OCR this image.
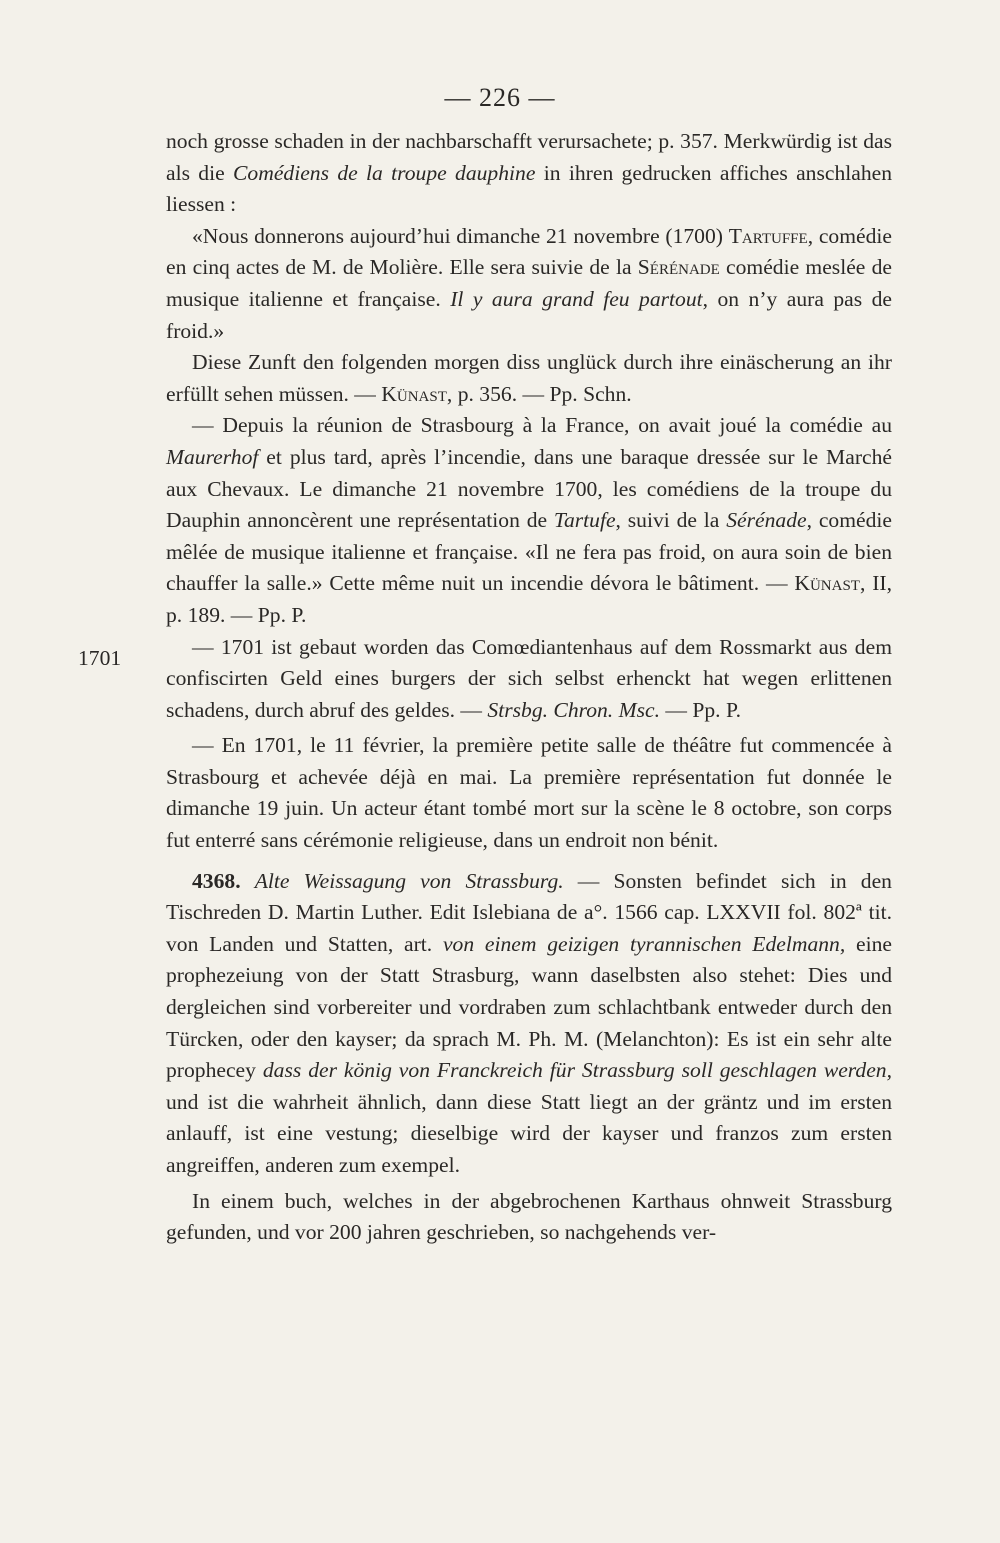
— 226 —
1701

noch grosse schaden in der nachbarschafft verursachete; p. 357. Merkwürdig ist das als die Comédiens de la troupe dauphine in ihren gedrucken affiches anschlahen liessen :

«Nous donnerons aujourd’hui dimanche 21 novembre (1700) Tartuffe, comédie en cinq actes de M. de Molière. Elle sera suivie de la Sérénade comédie meslée de musique italienne et française. Il y aura grand feu partout, on n’y aura pas de froid.»

Diese Zunft den folgenden morgen diss unglück durch ihre einäscherung an ihr erfüllt sehen müssen. — Künast, p. 356. — Pp. Schn.

— Depuis la réunion de Strasbourg à la France, on avait joué la comédie au Maurerhof et plus tard, après l’incendie, dans une baraque dressée sur le Marché aux Chevaux. Le dimanche 21 novembre 1700, les comédiens de la troupe du Dauphin annoncèrent une représentation de Tartufe, suivi de la Sérénade, comédie mêlée de musique italienne et française. «Il ne fera pas froid, on aura soin de bien chauffer la salle.» Cette même nuit un incendie dévora le bâtiment. — Künast, II, p. 189. — Pp. P.

— 1701 ist gebaut worden das Comœdiantenhaus auf dem Rossmarkt aus dem confiscirten Geld eines burgers der sich selbst erhenckt hat wegen erlittenen schadens, durch abruf des geldes. — Strsbg. Chron. Msc. — Pp. P.

— En 1701, le 11 février, la première petite salle de théâtre fut commencée à Strasbourg et achevée déjà en mai. La première représentation fut donnée le dimanche 19 juin. Un acteur étant tombé mort sur la scène le 8 octobre, son corps fut enterré sans cérémonie religieuse, dans un endroit non bénit.

4368. Alte Weissagung von Strassburg. — Sonsten befindet sich in den Tischreden D. Martin Luther. Edit Islebiana de a°. 1566 cap. LXXVII fol. 802ª tit. von Landen und Statten, art. von einem geizigen tyrannischen Edelmann, eine prophezeiung von der Statt Strasburg, wann daselbsten also stehet: Dies und dergleichen sind vorbereiter und vordraben zum schlachtbank entweder durch den Türcken, oder den kayser; da sprach M. Ph. M. (Melanchton): Es ist ein sehr alte prophecey dass der könig von Franckreich für Strassburg soll geschlagen werden, und ist die wahrheit ähnlich, dann diese Statt liegt an der gräntz und im ersten anlauff, ist eine vestung; dieselbige wird der kayser und franzos zum ersten angreiffen, anderen zum exempel.

In einem buch, welches in der abgebrochenen Karthaus ohnweit Strassburg gefunden, und vor 200 jahren geschrieben, so nachgehends ver-
